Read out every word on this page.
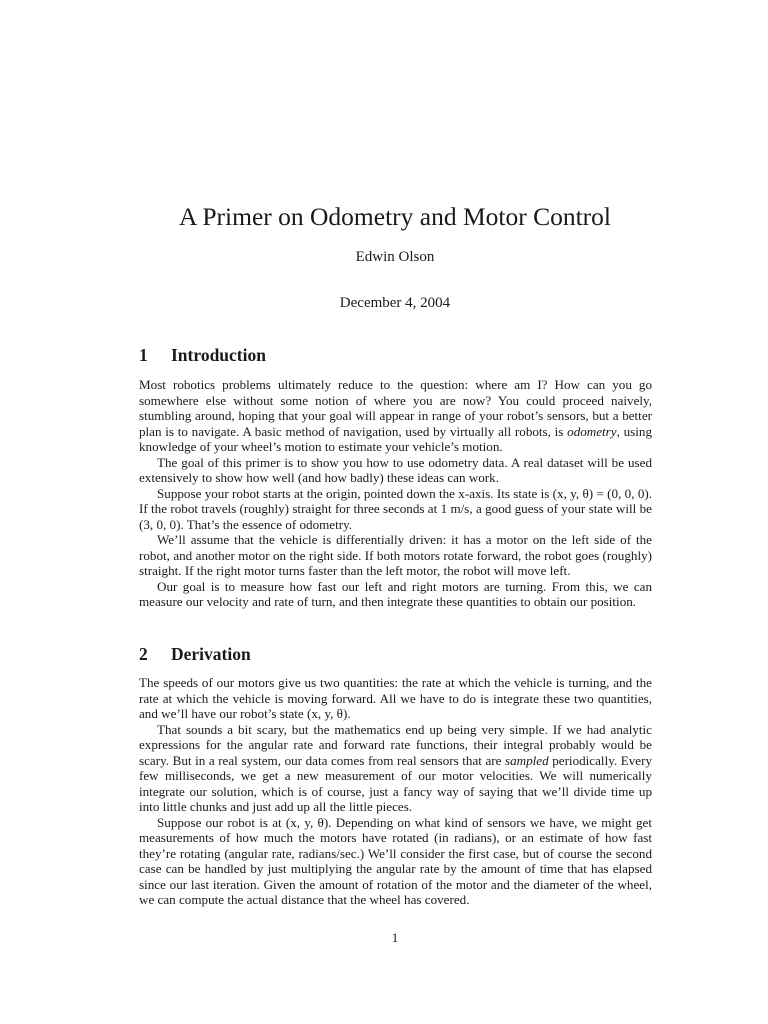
A Primer on Odometry and Motor Control
Edwin Olson
December 4, 2004
1 Introduction

Most robotics problems ultimately reduce to the question: where am I? How can you go somewhere else without some notion of where you are now? You could proceed naively, stumbling around, hoping that your goal will appear in range of your robot’s sensors, but a better plan is to navigate. A basic method of navigation, used by virtually all robots, is odometry, using knowledge of your wheel’s motion to estimate your vehicle’s motion.

The goal of this primer is to show you how to use odometry data. A real dataset will be used extensively to show how well (and how badly) these ideas can work.

Suppose your robot starts at the origin, pointed down the x-axis. Its state is (x, y, θ) = (0, 0, 0). If the robot travels (roughly) straight for three seconds at 1 m/s, a good guess of your state will be (3, 0, 0). That’s the essence of odometry.

We’ll assume that the vehicle is differentially driven: it has a motor on the left side of the robot, and another motor on the right side. If both motors rotate forward, the robot goes (roughly) straight. If the right motor turns faster than the left motor, the robot will move left.

Our goal is to measure how fast our left and right motors are turning. From this, we can measure our velocity and rate of turn, and then integrate these quantities to obtain our position.

2 Derivation

The speeds of our motors give us two quantities: the rate at which the vehicle is turning, and the rate at which the vehicle is moving forward. All we have to do is integrate these two quantities, and we’ll have our robot’s state (x, y, θ).

That sounds a bit scary, but the mathematics end up being very simple. If we had analytic expressions for the angular rate and forward rate functions, their integral probably would be scary. But in a real system, our data comes from real sensors that are sampled periodically. Every few milliseconds, we get a new measurement of our motor velocities. We will numerically integrate our solution, which is of course, just a fancy way of saying that we’ll divide time up into little chunks and just add up all the little pieces.

Suppose our robot is at (x, y, θ). Depending on what kind of sensors we have, we might get measurements of how much the motors have rotated (in radians), or an estimate of how fast they’re rotating (angular rate, radians/sec.) We’ll consider the first case, but of course the second case can be handled by just multiplying the angular rate by the amount of time that has elapsed since our last iteration. Given the amount of rotation of the motor and the diameter of the wheel, we can compute the actual distance that the wheel has covered.

1
